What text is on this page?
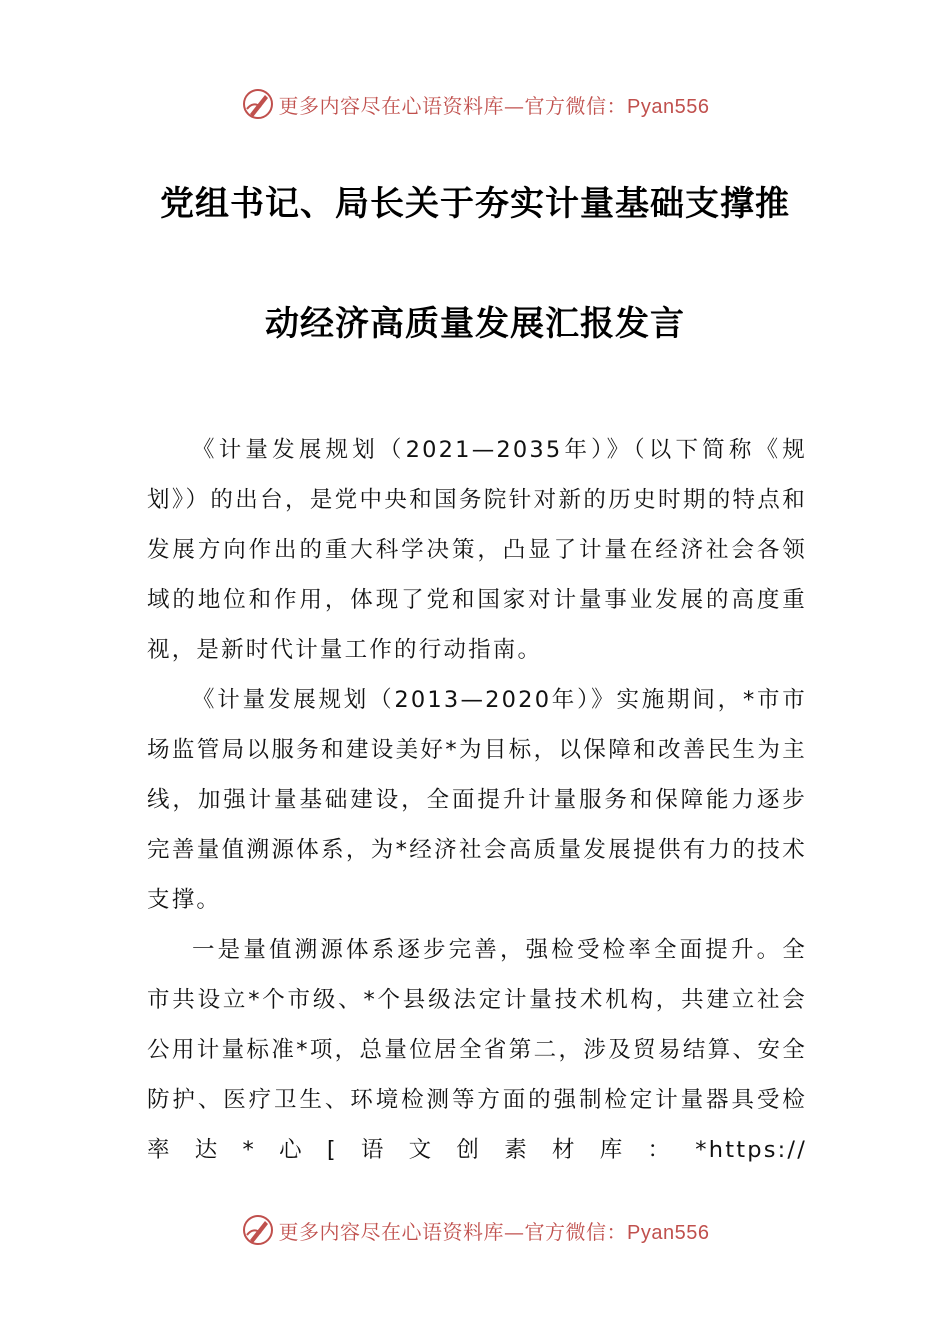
更多内容尽在心语资料库—官方微信：Pyan556
党组书记、局长关于夯实计量基础支撑推
动经济高质量发展汇报发言

《计量发展规划（2021—2035年）》（以下简称《规划》）的出台，是党中央和国务院针对新的历史时期的特点和发展方向作出的重大科学决策，凸显了计量在经济社会各领域的地位和作用，体现了党和国家对计量事业发展的高度重视，是新时代计量工作的行动指南。

《计量发展规划（2013—2020年）》实施期间，*市市场监管局以服务和建设美好*为目标，以保障和改善民生为主线，加强计量基础建设，全面提升计量服务和保障能力逐步完善量值溯源体系，为*经济社会高质量发展提供有力的技术支撑。

一是量值溯源体系逐步完善，强检受检率全面提升。全市共设立*个市级、*个县级法定计量技术机构，共建立社会公用计量标准*项，总量位居全省第二，涉及贸易结算、安全防护、医疗卫生、环境检测等方面的强制检定计量器具受检率达*心[语文创素材库：*https://

更多内容尽在心语资料库—官方微信：Pyan556
